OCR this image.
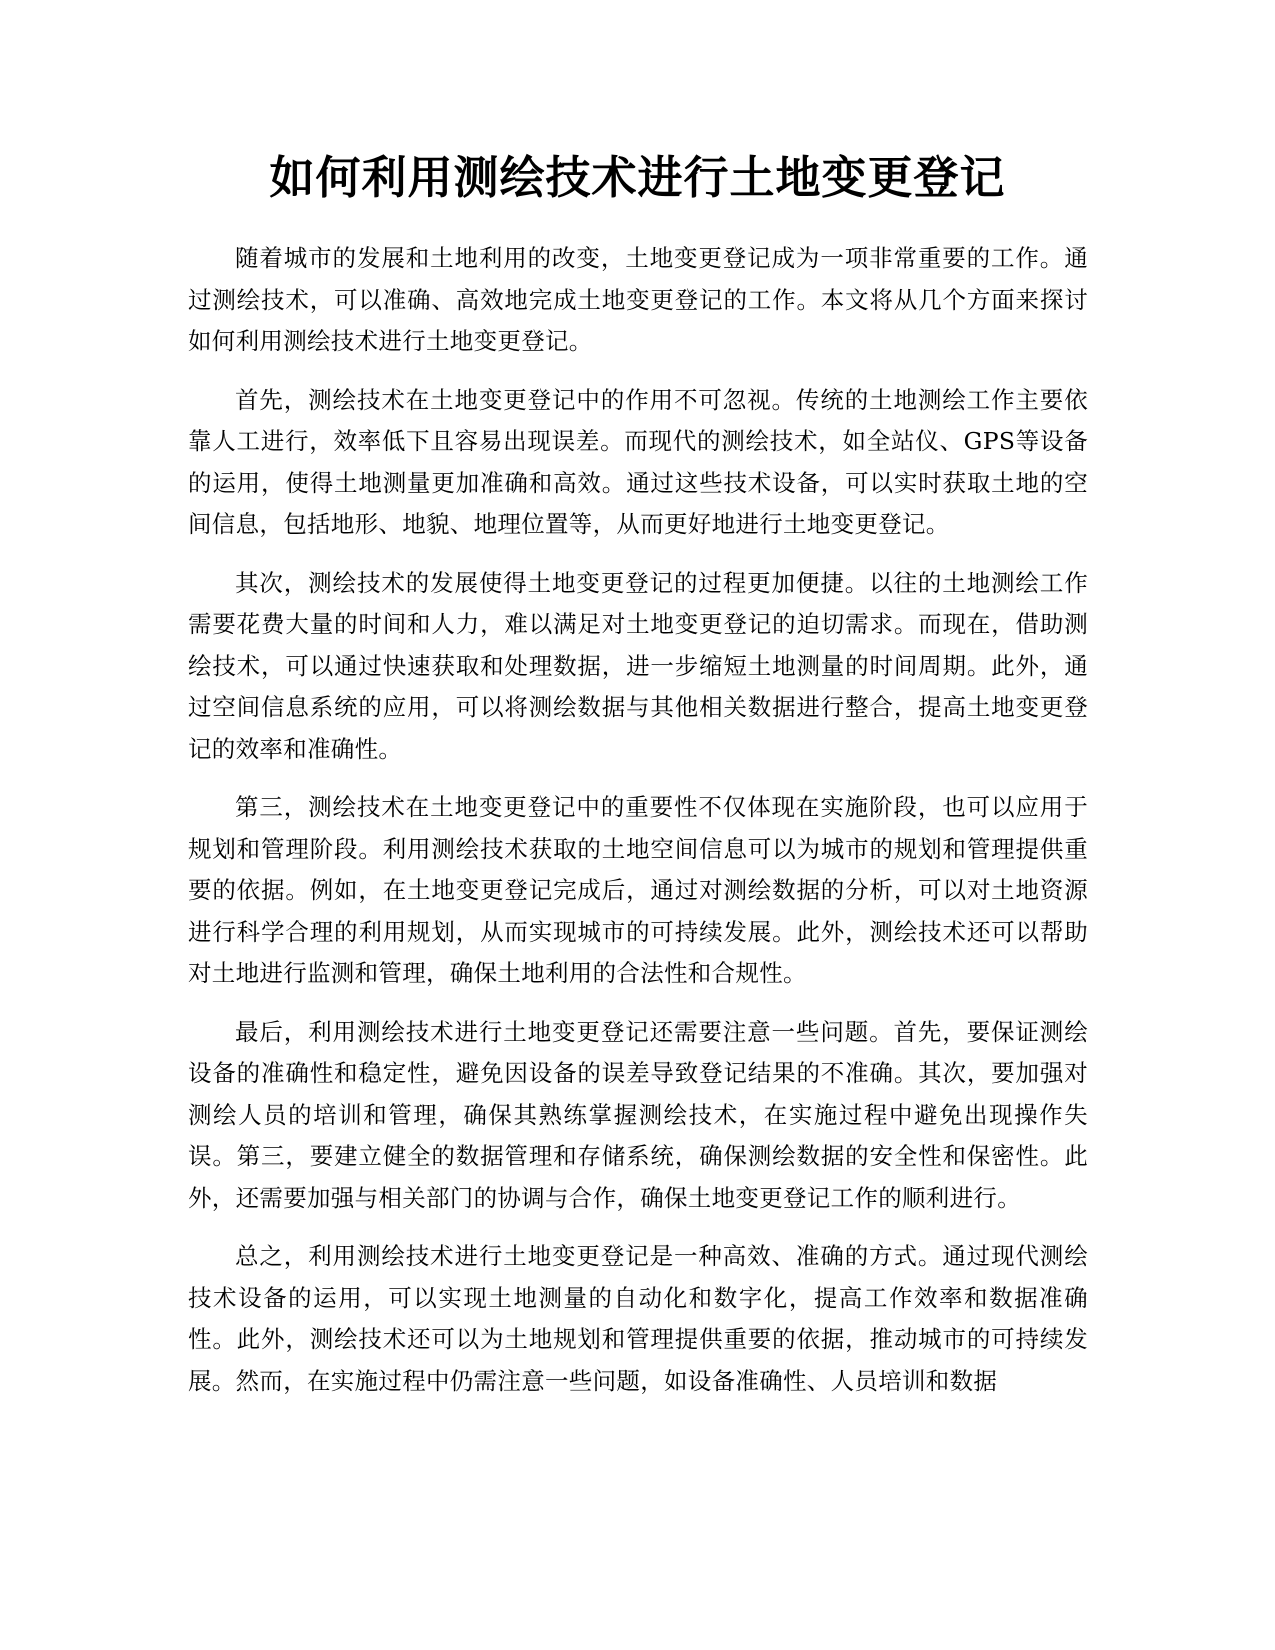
如何利用测绘技术进行土地变更登记

随着城市的发展和土地利用的改变，土地变更登记成为一项非常重要的工作。通过测绘技术，可以准确、高效地完成土地变更登记的工作。本文将从几个方面来探讨如何利用测绘技术进行土地变更登记。

首先，测绘技术在土地变更登记中的作用不可忽视。传统的土地测绘工作主要依靠人工进行，效率低下且容易出现误差。而现代的测绘技术，如全站仪、GPS等设备的运用，使得土地测量更加准确和高效。通过这些技术设备，可以实时获取土地的空间信息，包括地形、地貌、地理位置等，从而更好地进行土地变更登记。

其次，测绘技术的发展使得土地变更登记的过程更加便捷。以往的土地测绘工作需要花费大量的时间和人力，难以满足对土地变更登记的迫切需求。而现在，借助测绘技术，可以通过快速获取和处理数据，进一步缩短土地测量的时间周期。此外，通过空间信息系统的应用，可以将测绘数据与其他相关数据进行整合，提高土地变更登记的效率和准确性。

第三，测绘技术在土地变更登记中的重要性不仅体现在实施阶段，也可以应用于规划和管理阶段。利用测绘技术获取的土地空间信息可以为城市的规划和管理提供重要的依据。例如，在土地变更登记完成后，通过对测绘数据的分析，可以对土地资源进行科学合理的利用规划，从而实现城市的可持续发展。此外，测绘技术还可以帮助对土地进行监测和管理，确保土地利用的合法性和合规性。

最后，利用测绘技术进行土地变更登记还需要注意一些问题。首先，要保证测绘设备的准确性和稳定性，避免因设备的误差导致登记结果的不准确。其次，要加强对测绘人员的培训和管理，确保其熟练掌握测绘技术，在实施过程中避免出现操作失误。第三，要建立健全的数据管理和存储系统，确保测绘数据的安全性和保密性。此外，还需要加强与相关部门的协调与合作，确保土地变更登记工作的顺利进行。

总之，利用测绘技术进行土地变更登记是一种高效、准确的方式。通过现代测绘技术设备的运用，可以实现土地测量的自动化和数字化，提高工作效率和数据准确性。此外，测绘技术还可以为土地规划和管理提供重要的依据，推动城市的可持续发展。然而，在实施过程中仍需注意一些问题，如设备准确性、人员培训和数据
